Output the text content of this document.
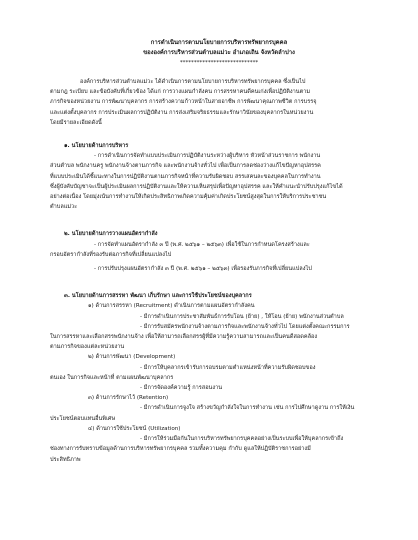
การดำเนินการตามนโยบายการบริหารทรัพยากรบุคคล
ขององค์การบริหารส่วนตำบลแม่วะ อำเภอเถิน จังหวัดลำปาง
****************************

องค์การบริหารส่วนตำบลแม่วะ ได้ดำเนินการตามนโยบายการบริหารทรัพยากรบุคคล ซึ่งเป็นไป

ตามกฎ ระเบียบ และข้อบังคับที่เกี่ยวข้อง ได้แก่ การวางแผนกำลังคน การสรรหาคนดีคนเก่งเพื่อปฏิบัติงานตาม

ภารกิจของหน่วยงาน การพัฒนาบุคลากร การสร้างความก้าวหน้าในสายอาชีพ การพัฒนาคุณภาพชีวิต การบรรจุ

และแต่งตั้งบุคลากร การประเมินผลการปฏิบัติงาน การส่งเสริมจริยธรรมและรักษาวินัยของบุคลากรในหน่วยงาน

โดยมีรายละเอียดดังนี้

๑. นโยบายด้านการบริหาร

- การดำเนินการจัดทำแบบประเมินการปฏิบัติงานระหว่างผู้บริหาร หัวหน้าส่วนราชการ พนักงาน

ส่วนตำบล พนักงานครู พนักงานจ้างตามภารกิจ และพนักงานจ้างทั่วไป เพื่อเป็นการลดช่องว่างแก้ไขปัญหาอุปสรรค

ที่แบบประเมินได้ชี้แนะทางในการปฏิบัติงานตามภารกิจหน้าที่ความรับผิดชอบ สรรเสคนละของบุคคลในการทำงาน

ซึ่งผู้บังคับบัญชาจะเป็นผู้ประเมินผลการปฏิบัติงานและให้ความเห็นสรุปเพื่อปัญหาอุปสรรค และให้คำแนะนำปรับปรุงแก้ไขได้

อย่างต่อเนื่อง โดยมุ่งเน้นการทำงานให้เกิดประสิทธิภาพเกิดความคุ้มค่าเกิดประโยชน์สูงสุดในการให้บริการประชาชน

ตำบลแม่วะ

๒. นโยบายด้านการวางแผนอัตรากำลัง

- การจัดทำแผนอัตรากำลัง ๓ ปี (พ.ศ. ๒๕๖๑ – ๒๕๖๓) เพื่อใช้ในการกำหนดโครงสร้างและ

กรอบอัตรากำลังที่รองรับต่อภารกิจที่เปลี่ยนแปลงไป

- การปรับปรุงแผนอัตรากำลัง ๓ ปี (พ.ศ. ๒๕๖๑ – ๒๕๖๓) เพื่อรองรับภารกิจที่เปลี่ยนแปลงไป

๓. นโยบายด้านการสรรหา พัฒนา เก็บรักษา และการใช้ประโยชน์ของบุคลากร

๑) ด้านการสรรหา (Recruitment) ดำเนินการตามแผนอัตรากำลังคน

- มีการดำเนินการประชาสัมพันธ์การรับโอน (ย้าย) , ให้โอน (ย้าย) พนักงานส่วนตำบล

- มีการรับสมัครพนักงานจ้างตามภารกิจและพนักงานจ้างทั่วไป โดยแต่งตั้งคณะกรรมการ

ในการสรรหาและเลือกสรรพนักงานจ้าง เพื่อให้สามารถเลือกสรรผู้ที่มีความรู้ความสามารถและเป็นคนดีสอดคล้อง

ตามภารกิจของแต่ละหน่วยงาน

๒) ด้านการพัฒนา (Development)

- มีการให้บุคลากรเข้ารับการอบรมตามตำแหน่งหน้าที่ความรับผิดชอบของ

ตนเอง ในการกิจและหน้าที่ ตามแผนพัฒนาบุคลากร

- มีการจัดองค์ความรู้ การสอนงาน

๓) ด้านการรักษาไว้ (Retention)

- มีการดำเนินการจูงใจ สร้างขวัญกำลังใจในการทำงาน เช่น การไปศึกษาดูงาน การให้เงิน

ประโยชน์ตอบแทนอื่นพิเศษ

๔) ด้านการใช้ประโยชน์ (Utilization)

- มีการให้ร่วมมือกันในการบริหารทรัพยากรบุคคลอย่างเป็นระบบเพื่อให้บุคลากรเข้าถึง

ช่องทางการรับทราบข้อมูลด้านการบริหารทรัพยากรบุคคล รวมทั้งความคุม กำกับ ดูแลให้ปฏิบัติราชการอย่างมี

ประสิทธิภาพ
